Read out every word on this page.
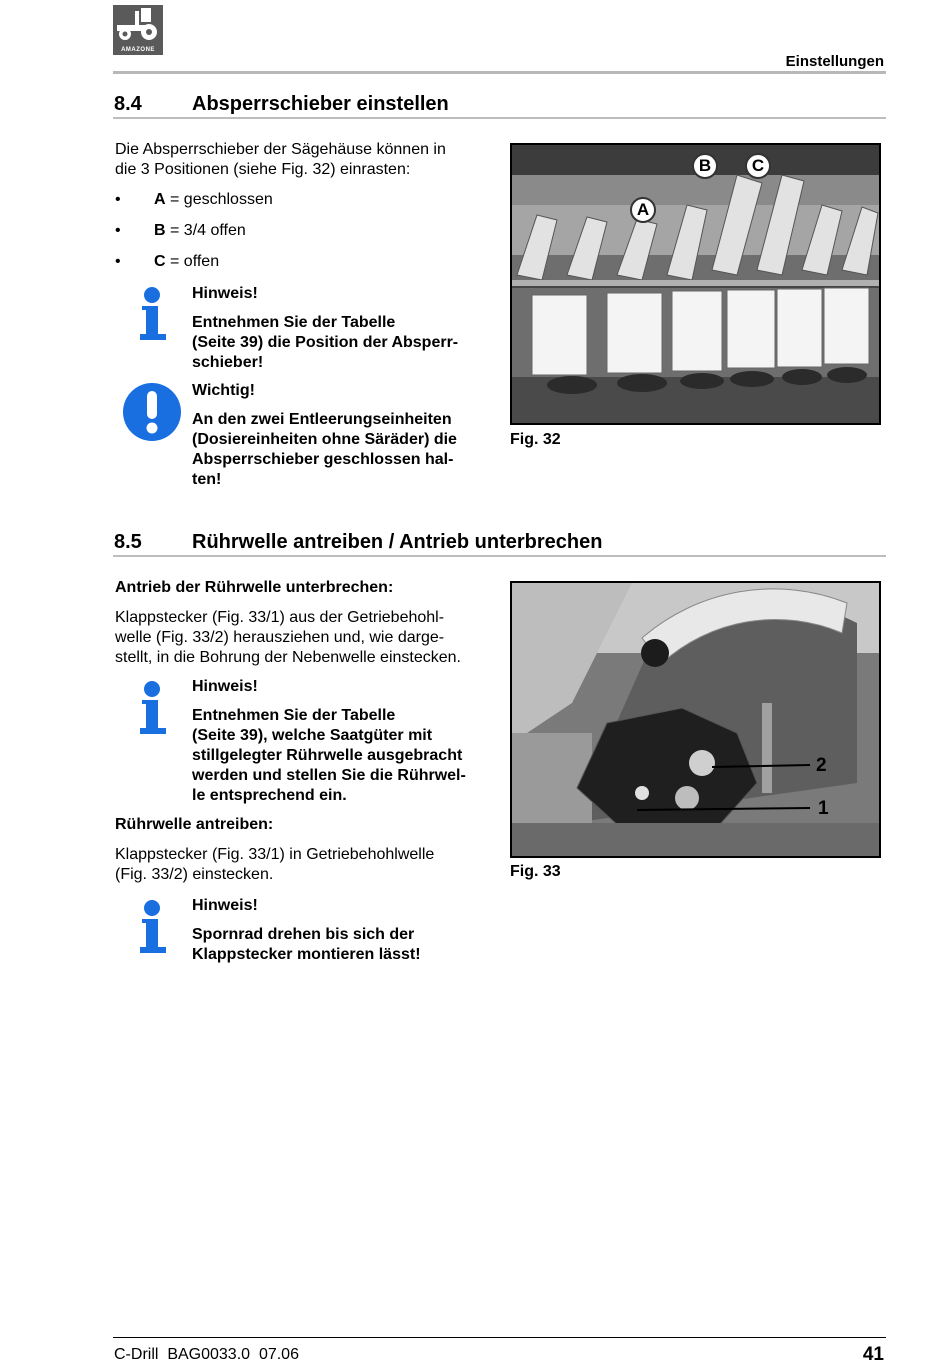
AMAZONE
Einstellungen
8.4	Absperrschieber einstellen
Die Absperrschieber der Sägehäuse können in
die 3 Positionen (siehe Fig. 32) einrasten:
• A = geschlossen
• B = 3/4 offen
• C = offen
Hinweis!
Entnehmen Sie der Tabelle
(Seite 39) die Position der Absperr-
schieber!
Wichtig!
An den zwei Entleerungseinheiten
(Dosiereinheiten ohne Säräder) die
Absperrschieber geschlossen hal-
ten!
A
B	C
Fig. 32
8.5	Rührwelle antreiben / Antrieb unterbrechen
Antrieb der Rührwelle unterbrechen:
Klappstecker (Fig. 33/1) aus der Getriebehohl-
welle (Fig. 33/2) herausziehen und, wie darge-
stellt, in die Bohrung der Nebenwelle einstecken.
Hinweis!
Entnehmen Sie der Tabelle
(Seite 39), welche Saatgüter mit
stillgelegter Rührwelle ausgebracht
werden und stellen Sie die Rührwel-
le entsprechend ein.
Rührwelle antreiben:
Klappstecker (Fig. 33/1) in Getriebehohlwelle
(Fig. 33/2) einstecken.
Hinweis!
Spornrad drehen bis sich der
Klappstecker montieren lässt!
2
1
Fig. 33
C-Drill  BAG0033.0  07.06	41
